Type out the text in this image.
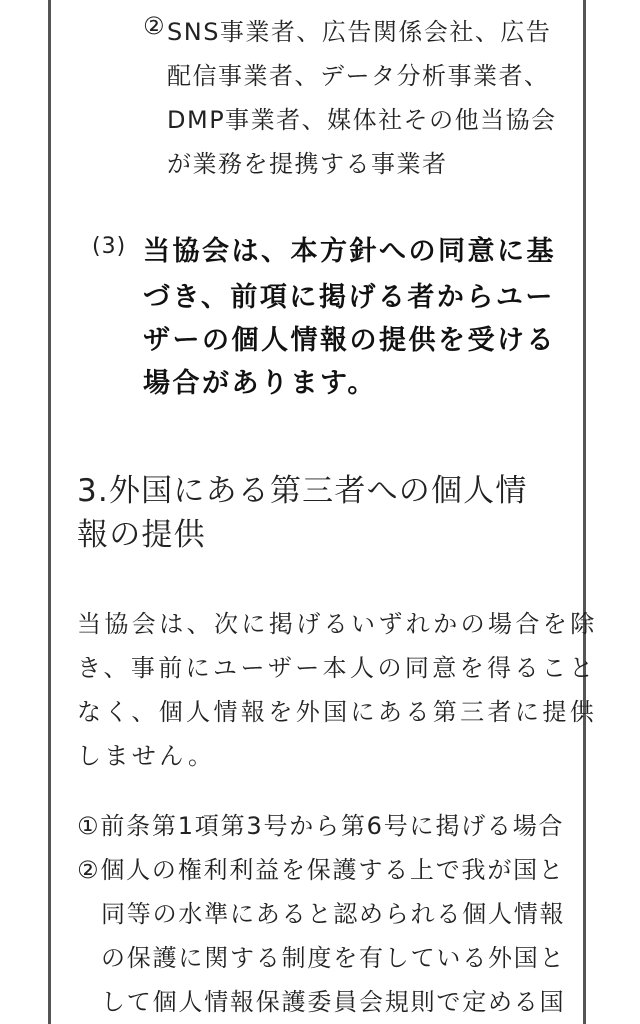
② SNS事業者、広告関係会社、広告

配信事業者、データ分析事業者、

DMP事業者、媒体社その他当協会

が業務を提携する事業者

(3) 当協会は、本方針への同意に基

づき、前項に掲げる者からユー

ザーの個人情報の提供を受ける

場合があります。

3.外国にある第三者への個人情
報の提供

当協会は、次に掲げるいずれかの場合を除

き、事前にユーザー本人の同意を得ること

なく、個人情報を外国にある第三者に提供

しません。

①前条第1項第3号から第6号に掲げる場合

②個人の権利利益を保護する上で我が国と

同等の水準にあると認められる個人情報

の保護に関する制度を有している外国と

して個人情報保護委員会規則で定める国
